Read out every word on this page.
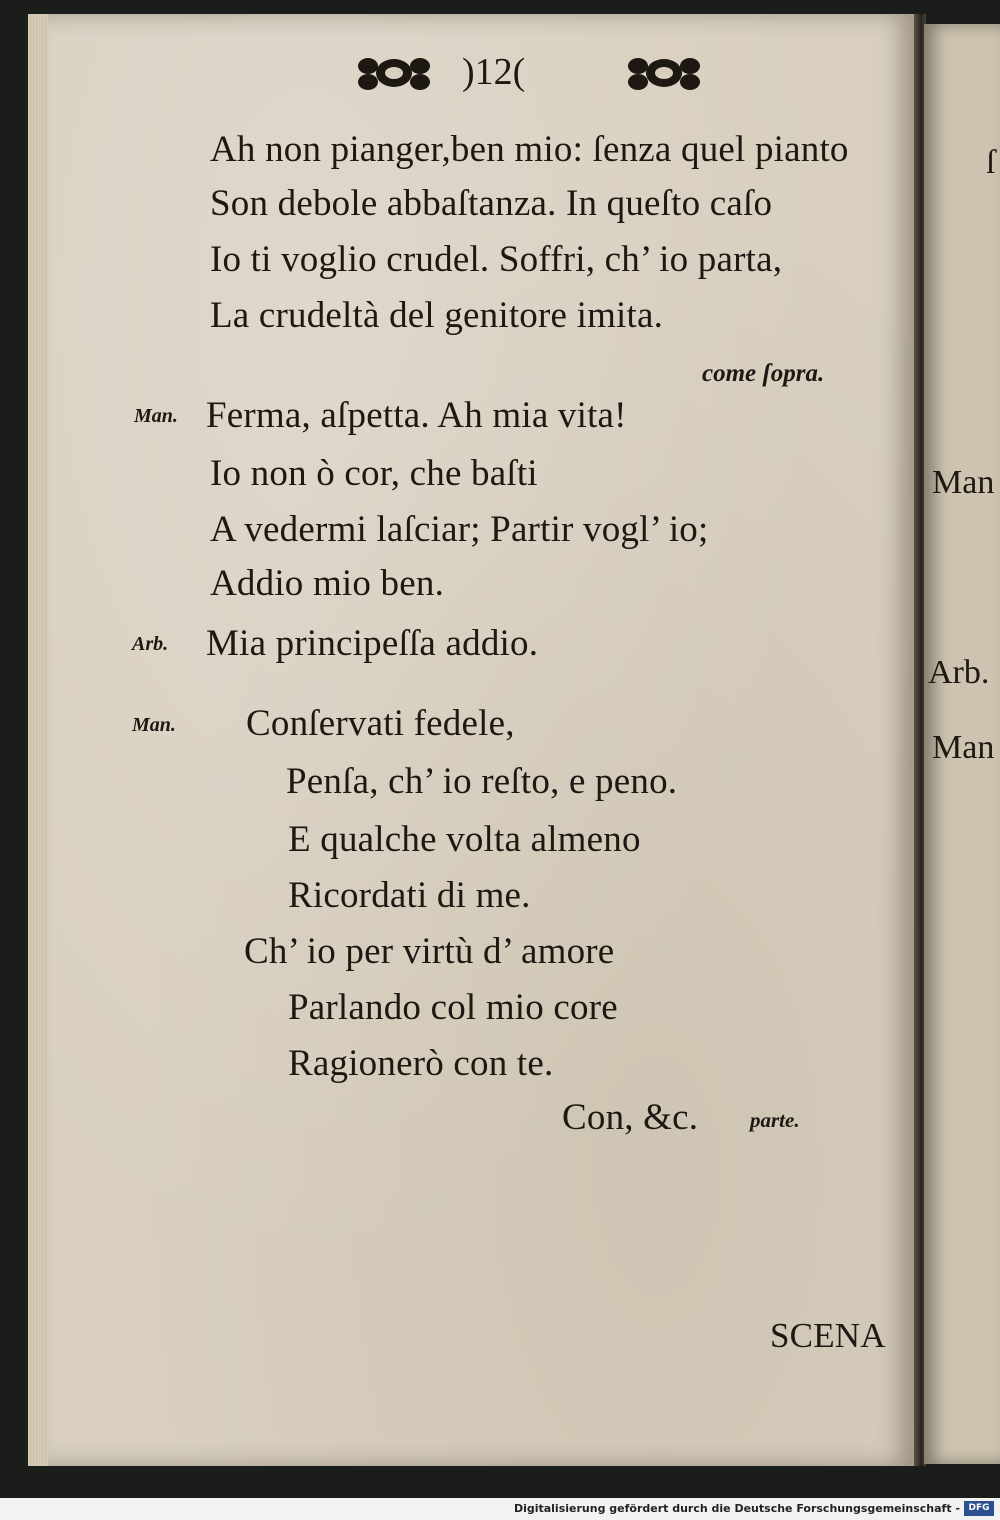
ſ
Man
Arb.
Man
)12(
Ah non pianger,ben mio: ſenza quel pianto
Son debole abbaſtanza. In queſto caſo
Io ti voglio crudel. Soffri, ch’ io parta,
La crudeltà del genitore imita.
come ſopra.
Man. Ferma, aſpetta. Ah mia vita!
Io non ò cor, che baſti
A vedermi laſciar; Partir vogl’ io;
Addio mio ben.
Arb. Mia principeſſa addio.
Man. Conſervati fedele,
Penſa, ch’ io reſto, e peno.
E qualche volta almeno
Ricordati di me.
Ch’ io per virtù d’ amore
Parlando col mio core
Ragionerò con te.
Con, &c. parte.
SCENA
Digitalisierung gefördert durch die Deutsche Forschungsgemeinschaft - DFG
